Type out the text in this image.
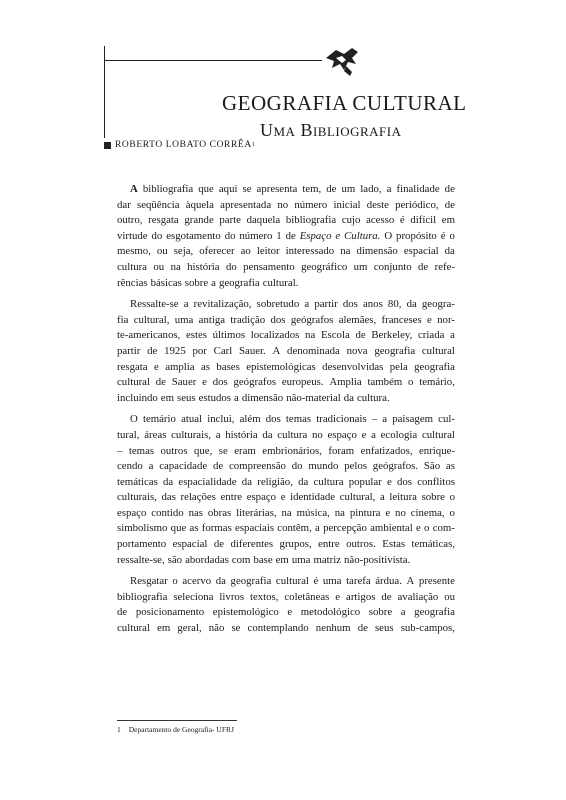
GEOGRAFIA CULTURAL
Uma Bibliografia
ROBERTO LOBATO CORRÊA 1
A bibliografia que aqui se apresenta tem, de um lado, a finalidade de
dar seqüência àquela apresentada no número inicial deste periódico, de
outro, resgata grande parte daquela bibliografia cujo acesso é difícil em
virtude do esgotamento do número 1 de Espaço e Cultura. O propósito é o
mesmo, ou seja, oferecer ao leitor interessado na dimensão espacial da
cultura ou na história do pensamento geográfico um conjunto de refe-
rências básicas sobre a geografia cultural.
Ressalte-se a revitalização, sobretudo a partir dos anos 80, da geogra-
fia cultural, uma antiga tradição dos geógrafos alemães, franceses e nor-
te-americanos, estes últimos localizados na Escola de Berkeley, criada a
partir de 1925 por Carl Sauer. A denominada nova geografia cultural
resgata e amplia as bases epistemológicas desenvolvidas pela geografia
cultural de Sauer e dos geógrafos europeus. Amplia também o temário,
incluindo em seus estudos a dimensão não-material da cultura.
O temário atual inclui, além dos temas tradicionais – a paisagem cul-
tural, áreas culturais, a história da cultura no espaço e a ecologia cultural
– temas outros que, se eram embrionários, foram enfatizados, enrique-
cendo a capacidade de compreensão do mundo pelos geógrafos. São as
temáticas da espacialidade da religião, da cultura popular e dos conflitos
culturais, das relações entre espaço e identidade cultural, a leitura sobre o
espaço contido nas obras literárias, na música, na pintura e no cinema, o
simbolismo que as formas espaciais contêm, a percepção ambiental e o com-
portamento espacial de diferentes grupos, entre outros. Estas temáticas,
ressalte-se, são abordadas com base em uma matriz não-positivista.
Resgatar o acervo da geografia cultural é uma tarefa árdua. A presente
bibliografia seleciona livros textos, coletâneas e artigos de avaliação ou
de posicionamento epistemológico e metodológico sobre a geografia
cultural em geral, não se contemplando nenhum de seus sub-campos,
1 Departamento de Geografia- UFRJ
